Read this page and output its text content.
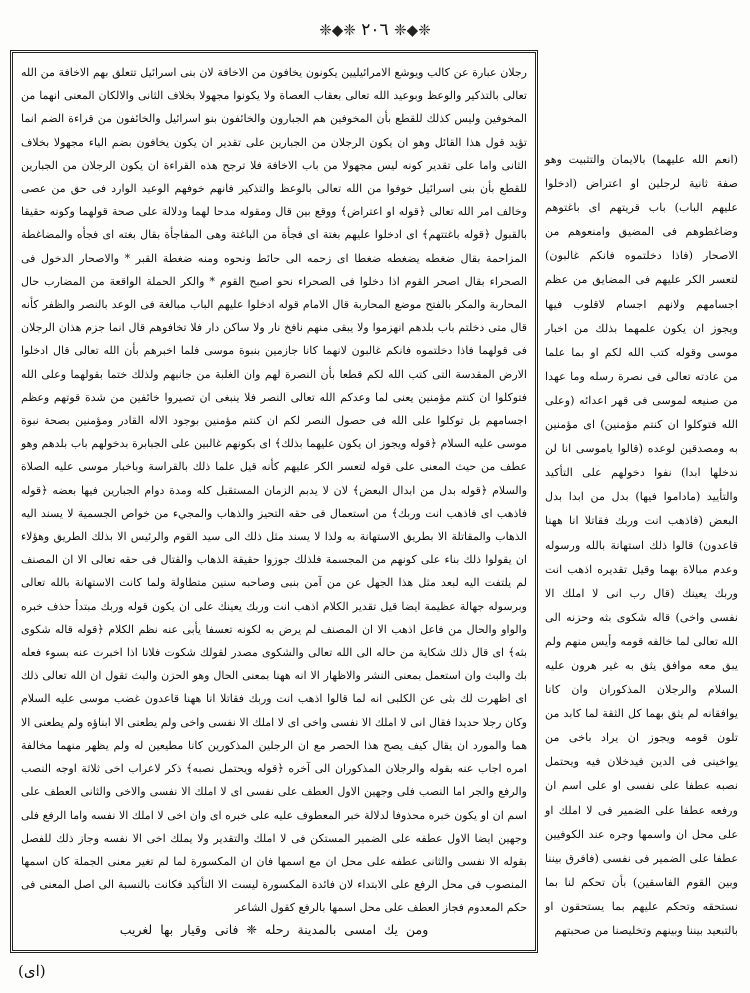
❈◆❈ ٢٠٦ ❈◆❈

(انعم الله عليهما) بالايمان والتثبيت وهو صفة ثانية لرجلين او اعتراض (ادخلوا عليهم الباب) باب قريتهم اى باغتوهم وضاغطوهم فى المضيق وامنعوهم من الاصحار (فاذا دخلتموه فانكم غالبون) لتعسر الكر عليهم فى المضايق من عظم اجسامهم ولانهم اجسام لاقلوب فيها ويجوز ان يكون علمهما بذلك من اخبار موسى وقوله كتب الله لكم او بما علما من عادته تعالى فى نصرة رسله وما عهدا من صنيعه لموسى فى قهر اعدائه (وعلى الله فتوكلوا ان كنتم مؤمنين) اى مؤمنين به ومصدقين لوعده (قالوا ياموسى انا لن ندخلها ابدا) نفوا دخولهم على التأكيد والتأييد (ماداموا فيها) بدل من ابدا بدل البعض (فاذهب انت وربك فقاتلا انا ههنا قاعدون) قالوا ذلك استهانة بالله ورسوله وعدم مبالاة بهما وقيل تقديره اذهب انت وربك يعينك (قال رب انى لا املك الا نفسى واخى) قاله شكوى بثه وحزنه الى الله تعالى لما خالفه قومه وأيس منهم ولم يبق معه موافق يثق به غير هرون عليه السلام والرجلان المذكوران وان كانا يوافقانه لم يثق بهما كل الثقة لما كابد من تلون قومه ويجوز ان يراد باخى من يواخينى فى الدين فيدخلان فيه ويحتمل نصبه عطفا على نفسى او على اسم ان ورفعه عطفا على الضمير فى لا املك او على محل ان واسمها وجره عند الكوفيين عطفا على الضمير فى نفسى (فافرق بيننا وبين القوم الفاسقين) بأن تحكم لنا بما نستحقه وتحكم عليهم بما يستحقون او بالتبعيد بيننا وبينهم وتخليصنا من صحبتهم

رجلان عبارة عن كالب ويوشع الامرائيليين يكونون يخافون من الاخافة لان بنى اسرائيل تتعلق بهم الاخافة من الله تعالى بالتذكير والوعظ وبوعيد الله تعالى بعقاب العصاة ولا يكونوا مجهولا بخلاف الثانى والالكان المعنى انهما من المخوفين وليس كذلك للقطع بأن المخوفين هم الجبارون والخائفون بنو اسرائيل والخائفون من قراءة الضم انما تؤيد قول هذا القائل وهو ان يكون الرجلان من الجبارين على تقدير ان يكون يخافون بضم الياء مجهولا بخلاف الثانى واما على تقدير كونه ليس مجهولا من باب الاخافة فلا ترجح هذه القراءة ان يكون الرجلان من الجبارين للقطع بأن بنى اسرائيل خوفوا من الله تعالى بالوعظ والتذكير فانهم خوفهم الوعيد الوارد فى حق من عصى وخالف امر الله تعالى ﴿قوله او اعتراض﴾ ووقع بين قال ومقوله مدحا لهما ودلالة على صحة قولهما وكونه حقيقا بالقبول ﴿قوله باغتتهم﴾ اى ادخلوا عليهم بغتة اى فجأة من الباغتة وهى المفاجأة بقال بغته اى فجأه والمضاغطة المزاحمة بقال ضغطه يضغطه ضغطا اى زحمه الى حائط ونحوه ومنه ضغطة القبر * والاصحار الدخول فى الصحراء بقال اصحر القوم اذا دخلوا فى الصحراء نحو اصبح القوم * والكر الحملة الواقعة من المضارب حال المحاربة والمكر بالفتح موضع المحاربة قال الامام قوله ادخلوا عليهم الباب مبالغة فى الوعد بالنصر والظفر كأنه قال متى دخلتم باب بلدهم انهزموا ولا يبقى منهم نافخ نار ولا ساكن دار فلا تخافوهم قال انما جزم هذان الرجلان فى قولهما فاذا دخلتموه فانكم غالبون لانهما كانا جازمين بنبوة موسى فلما اخبرهم بأن الله تعالى قال ادخلوا الارض المقدسة التى كتب الله لكم قطعا بأن النصرة لهم وان الغلبة من جانبهم ولذلك ختما بقولهما وعلى الله فتوكلوا ان كنتم مؤمنين يعنى لما وعدكم الله تعالى النصر فلا ينبغى ان تصيروا خائفين من شدة قوتهم وعظم اجسامهم بل توكلوا على الله فى حصول النصر لكم ان كنتم مؤمنين بوجود الاله القادر ومؤمنين بصحة نبوة موسى عليه السلام ﴿قوله ويجوز ان يكون عليهما بذلك﴾ اى بكونهم غالبين على الجبابرة بدخولهم باب بلدهم وهو عطف من حيث المعنى على قوله لتعسر الكر عليهم كأنه قيل علما ذلك بالقراسة وباخبار موسى عليه الصلاة والسلام ﴿قوله بدل من ابدال البعض﴾ لان لا يدبم الزمان المستقبل كله ومدة دوام الجبارين فيها بعضه ﴿قوله فاذهب اى فاذهب انت وربك﴾ من استعمال فى حقه التحيز والذهاب والمجيء من خواص الجسمية لا يسند اليه الذهاب والمقاتلة الا بطريق الاستهانة به ولذا لا يسند مثل ذلك الى سيد القوم والرئيس الا بذلك الطريق وهؤلاء ان يقولوا ذلك بناء على كونهم من المجسمة فلذلك جوزوا حقيقة الذهاب والقتال فى حقه تعالى الا ان المصنف لم يلتفت اليه لبعد مثل هذا الجهل عن من آمن بنبى وصاحبه سنين متطاولة ولما كانت الاستهانة بالله تعالى وبرسوله جهالة عظيمة ايضا قيل تقدير الكلام اذهب انت وربك يعينك على ان يكون قوله وربك مبتدأ حذف خبره والواو والحال من فاعل اذهب الا ان المصنف لم يرض به لكونه تعسفا يأبى عنه نظم الكلام ﴿قوله قاله شكوى بثه﴾ اى قال ذلك شكاية من حاله الى الله تعالى والشكوى مصدر لقولك شكوت فلانا اذا اخبرت عنه بسوء فعله بك والبث وان استعمل بمعنى النشر والاظهار الا انه ههنا بمعنى الحال وهو الحزن والبث تقول ان الله تعالى ذلك اى اظهرت لك بثى عن الكلبى انه لما قالوا اذهب انت وربك فقاتلا انا ههنا قاعدون غضب موسى عليه السلام وكان رجلا حديدا فقال انى لا املك الا نفسى واخى اى لا املك الا نفسى واخى ولم يطعنى الا ابناؤه ولم يطعنى الا هما والمورد ان يقال كيف يصح هذا الحصر مع ان الرجلين المذكورين كانا مطيعين له ولم يظهر منهما مخالفة امره اجاب عنه بقوله والرجلان المذكوران الى آخره ﴿قوله ويحتمل نصبه﴾ ذكر لاعراب اخى ثلاثة اوجه النصب والرفع والجر اما النصب فلى وجهين الاول العطف على نفسى اى لا املك الا نفسى والاخى والثانى العطف على اسم ان او يكون خبره محذوفا لدلالة خبر المعطوف عليه على خبره اى وان اخى لا املك الا نفسه واما الرفع فلى وجهين ايضا الاول عطفه على الضمير المستكن فى لا املك والتقدير ولا يملك اخى الا نفسه وجاز ذلك للفصل بقوله الا نفسى والثانى عطفه على محل ان مع اسمها فان ان المكسورة لما لم تغير معنى الجملة كان اسمها المنصوب فى محل الرفع على الابتداء لان فائدة المكسورة ليست الا التأكيد فكانت بالنسبة الى اصل المعنى فى حكم المعدوم فجاز العطف على محل اسمها بالرفع كقول الشاعر

ومن يك امسى بالمدينة رحله ❈ فانى وقيار بها لغريب
(اى)
